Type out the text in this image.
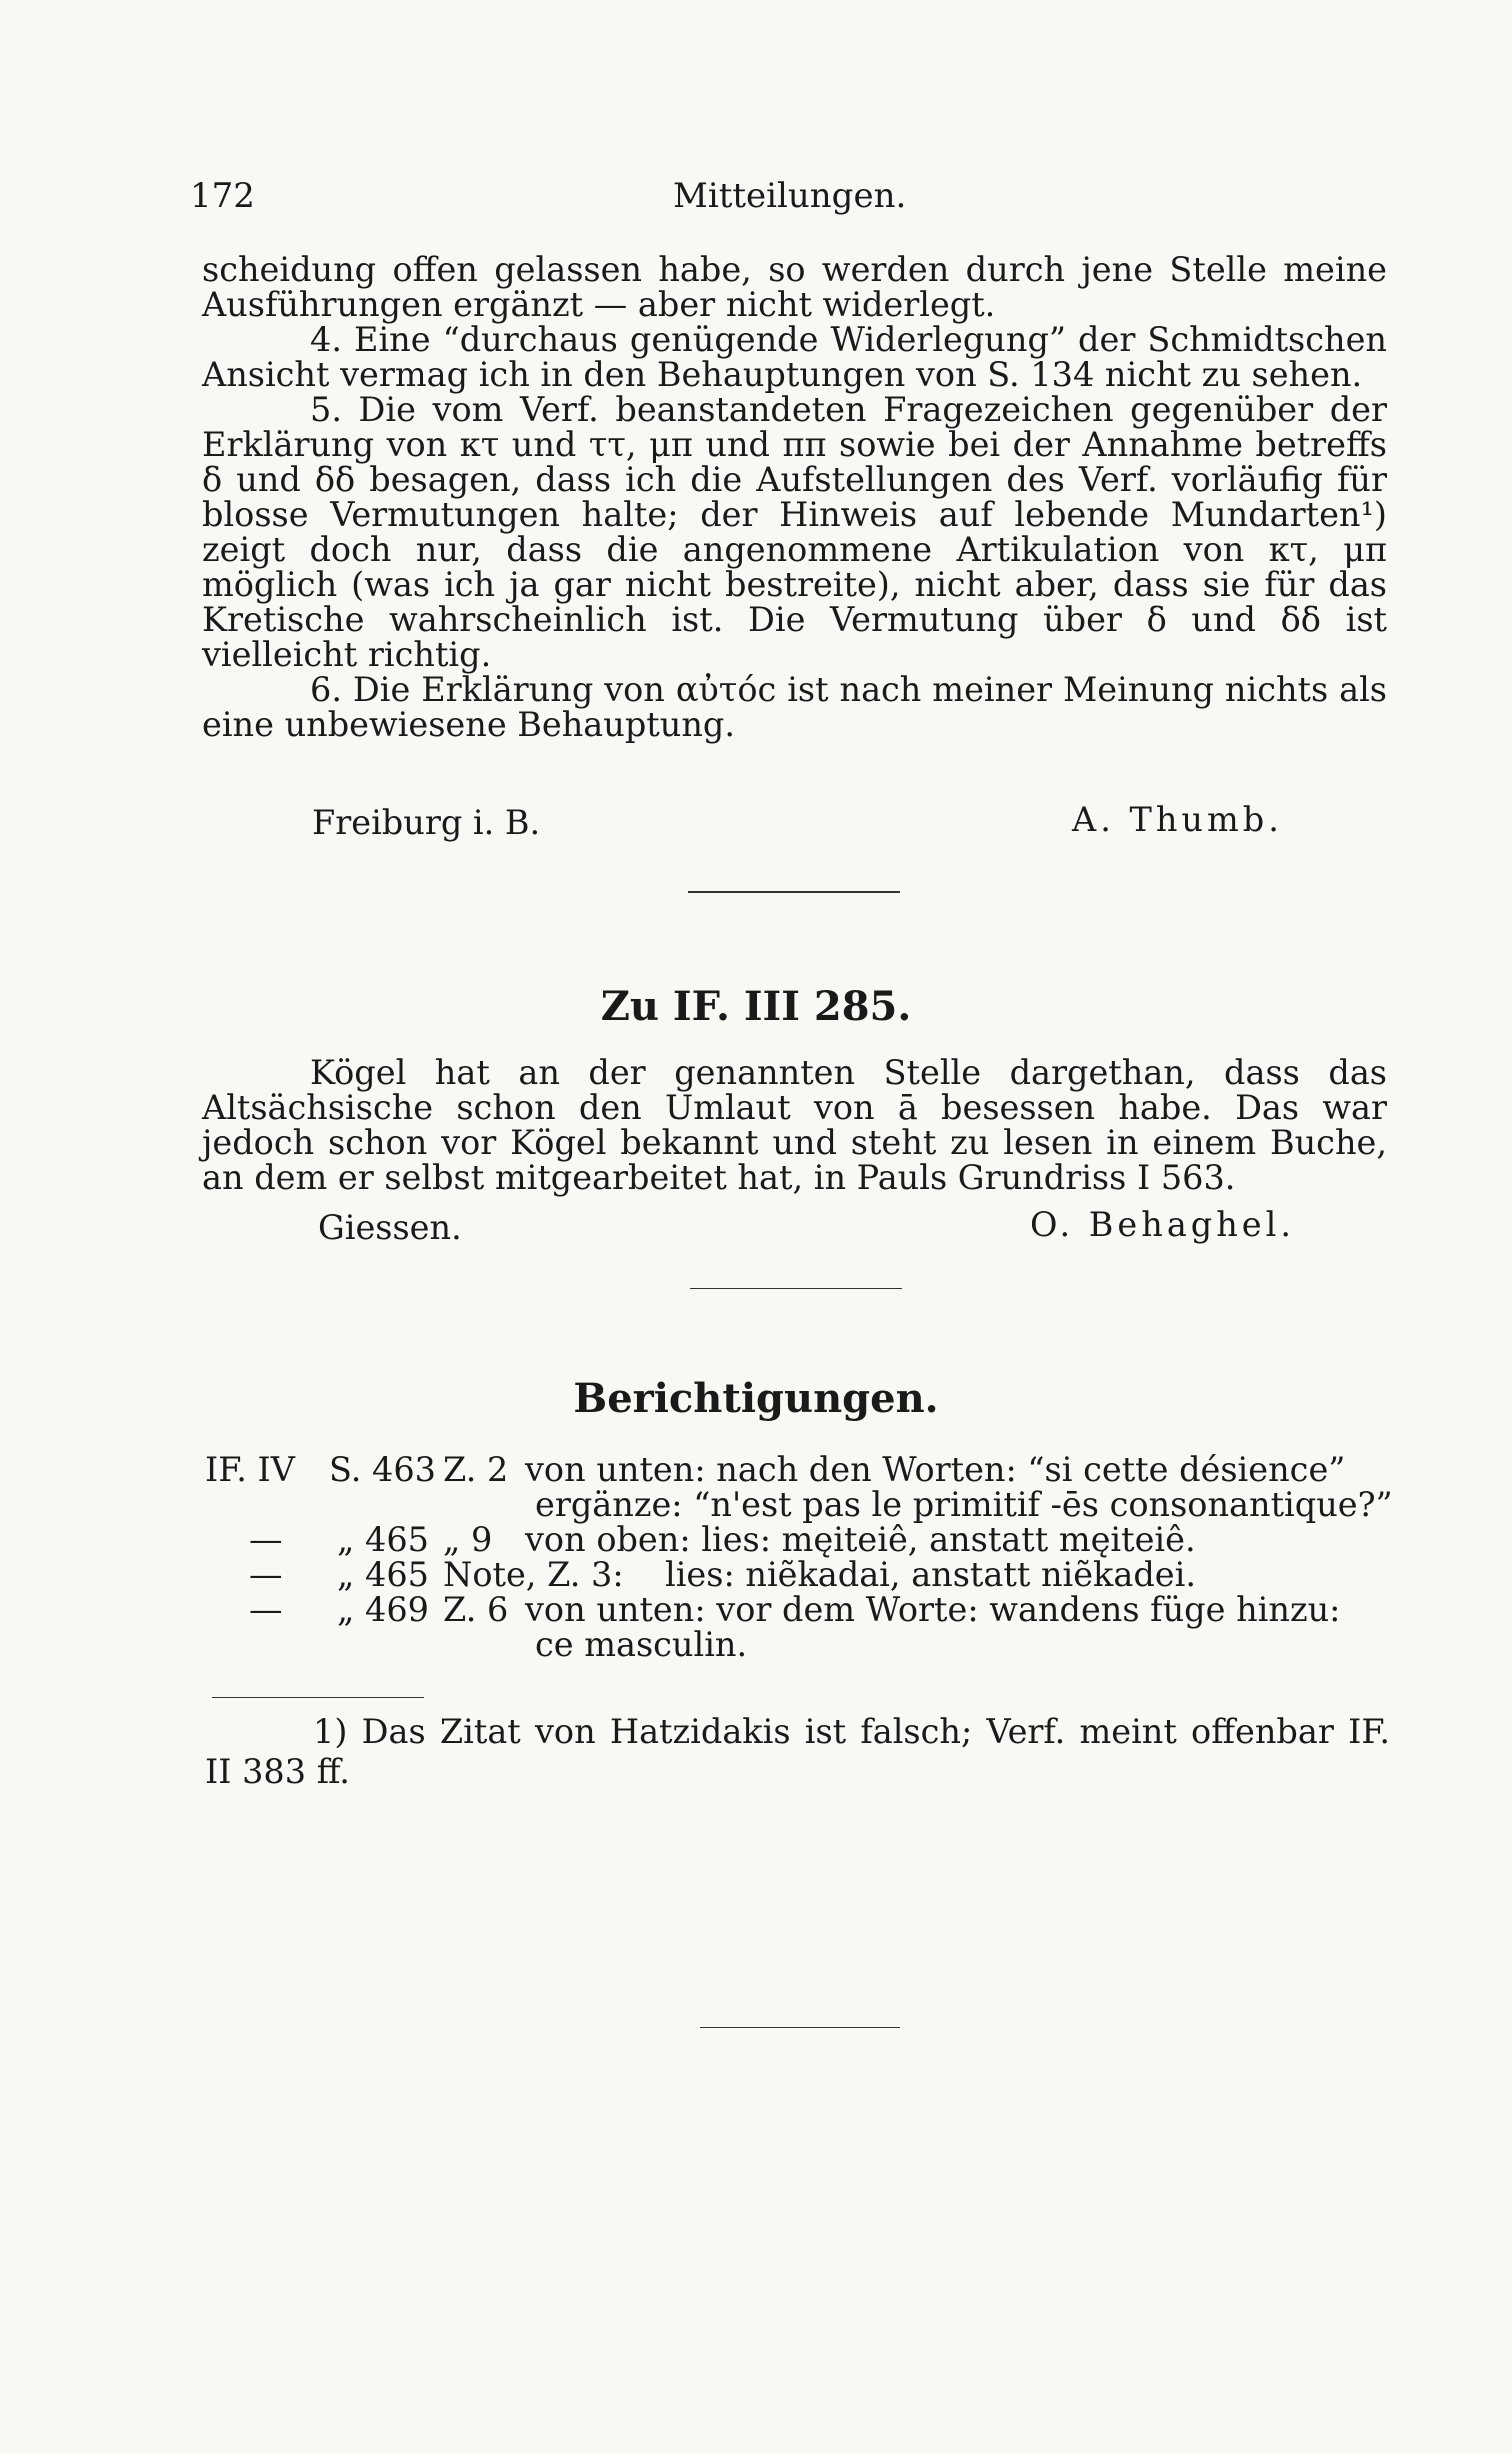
172	Mitteilungen.

scheidung offen gelassen habe, so werden durch jene Stelle meine Ausführungen ergänzt — aber nicht widerlegt.

4. Eine “durchaus genügende Widerlegung” der Schmidtschen Ansicht vermag ich in den Behauptungen von S. 134 nicht zu sehen.

5. Die vom Verf. beanstandeten Fragezeichen gegenüber der Erklärung von κτ und ττ, μπ und ππ sowie bei der Annahme betreffs δ und δδ besagen, dass ich die Aufstellungen des Verf. vorläufig für blosse Vermutungen halte; der Hinweis auf lebende Mundarten¹) zeigt doch nur, dass die angenommene Artikulation von κτ, μπ möglich (was ich ja gar nicht bestreite), nicht aber, dass sie für das Kretische wahrscheinlich ist. Die Vermutung über δ und δδ ist vielleicht richtig.

6. Die Erklärung von αὐτόϲ ist nach meiner Meinung nichts als eine unbewiesene Behauptung.

Freiburg i. B.	A. Thumb.
Zu IF. III 285.

Kögel hat an der genannten Stelle dargethan, dass das Altsächsische schon den Umlaut von ā besessen habe. Das war jedoch schon vor Kögel bekannt und steht zu lesen in einem Buche, an dem er selbst mitgearbeitet hat, in Pauls Grundriss I 563.

Giessen.	O. Behaghel.
Berichtigungen.
IF. IV S. 463 Z. 2 von unten: nach den Worten: “si cette désience”
ergänze: “n'est pas le primitif -ēs consonantique?”
— „ 465 „ 9 von oben: lies: męiteiê, anstatt męiteiê.
— „ 465 Note, Z. 3: lies: niẽkadai, anstatt niẽkadei.
— „ 469 Z. 6 von unten: vor dem Worte: wandens füge hinzu:
ce masculin.

1) Das Zitat von Hatzidakis ist falsch; Verf. meint offenbar IF. II 383 ff.
